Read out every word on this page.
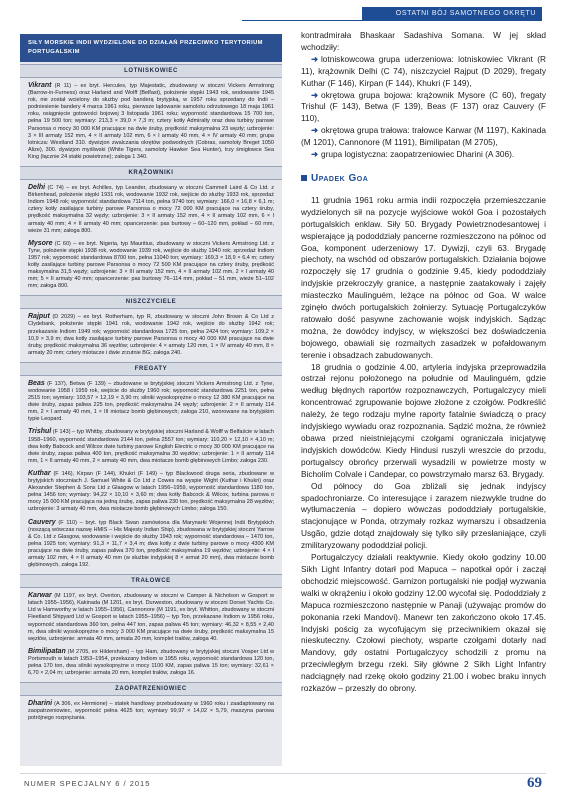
OSTATNI BÓJ SAMOTNEGO OKRĘTU
SIŁY MORSKIE INDII WYDZIELONE DO DZIAŁAŃ PRZECIWKO TERYTORIUM PORTUGALSKIM
LOTNISKOWIEC
Vikrant (R 11) – ex bryt. Hercules, typ Majestatic, zbudowany w stoczni Vickers Armstrong (Barrow-in-Furness) oraz Harland and Wolff (Belfast), położenie stępki 1943 rok, wodowanie 1945 rok, nie został wcielony do służby pod banderą brytyjską, w 1957 roku sprzedany do Indii – podniesienie bandery 4 marca 1961 roku, pierwsze lądowanie samolotu odrzutowego 18 maja 1961 roku, osiągnięcie gotowości bojowej 3 listopada 1961 roku; wyporność standardowa 15 700 ton, pełna 19 500 ton; wymiary: 213,3 × 39,0 × 7,3 m; cztery kotły Admiralty oraz dwa turbiny parowe Parsonsa o mocy 30 000 KM pracujące na dwie śruby, prędkość maksymalna 23 węzły; uzbrojenie: 3 × III armaty 152 mm, 4 × II armaty 102 mm, 6 × I armaty 40 mm, 4 × IV armaty 40 mm; grupa lotnicza: Westland 310. dywizjon zwalczania okrętów podwodnych (Cobras, samoloty Breget 1050 Alize), 300. dywizjon myśliwski (White Tigers, samoloty Hawker Sea Hunter), trzy śmigłowce Sea King (łącznie 24 statki powietrzne); załoga 1 340.
KRĄŻOWNIKI
Delhi (C 74) – ex bryt. Achilles, typ Leander, zbudowany w stoczni Cammell Laird & Co Ltd. z Birkenhead, położenie stępki 1931 rok, wodowanie 1932 rok, wejście do służby 1933 rok, sprzedaż Indiom 1948 rok; wyporność standardowa 7114 ton, pełna 9740 ton; wymiary: 166,0 × 16,8 × 6,1 m; cztery kotły zasilające turbiny parowe Parsonsa o mocy 72 000 KM pracujące na cztery śruby, prędkość maksymalna 32 węzły; uzbrojenie: 3 × II armaty 152 mm, 4 × II armaty 102 mm, 6 × I armaty 40 mm; 4 × II armaty 40 mm; opancerzenie: pas burtowy – 60–120 mm, pokład – 60 mm, wieże 31 mm; załoga 800.
Mysore (C 60) – ex bryt. Nigeria, typ Mauritius, zbudowany w stoczni Vickers Armstrong Ltd. z Tyne, położenie stępki 1938 rok, wodowanie 1939 rok, wejście do służby 1940 rok; sprzedaż Indiom 1957 rok; wyporność standardowa 8700 ton, pełna 11040 ton; wymiary: 169,3 × 18,9 × 6,4 m; cztery kotły zasilające turbiny parowe Parsonsa o mocy 72 500 KM pracujące na cztery śruby, prędkość maksymalna 31,5 węzły; uzbrojenie: 3 × III armaty 152 mm, 4 × II armaty 102 mm, 2 × I armaty 40 mm; 5 × II armaty 40 mm; opancerzenie: pas burtowy 76–114 mm, pokład – 51 mm, wieże 51–102 mm; załoga 800.
NISZCZYCIELE
Rajput (D 2029) – ex bryt. Rotherham, typ R, zbudowany w stoczni John Brown & Co Ltd z Clydebank, położenie stępki 1941 rok, wodowanie 1942 rok, wejście do służby 1942 rok; przekazanie Indiom 1949 rok; wyporność standardowa 1725 ton, pełna 2424 ton; wymiary: 109,2 × 10,9 × 3,9 m; dwa kotły zasilające turbiny parowe Parsonsa o mocy 40 000 KM pracujące na dwie śruby, prędkość maksymalna 36 węzłów; uzbrojenie: 4 × armaty 120 mm, 1 × IV armaty 40 mm, 8 × armaty 20 mm; cztery miotacze i dwie zrzutnie BG; załoga 240.
FREGATY
Beas (F 137), Betwa (F 139) – zbudowane w brytyjskiej stoczni Vickers Armstrong Ltd. z Tyne, wodowanie 1958 i 1959 rok, wejście do służby 1960 rok; wyporność standardowa 2251 ton, pełna 2515 ton; wymiary: 103,57 × 12,19 × 3,90 m; silniki wysokoprężne o mocy 12 380 KM pracujące na dwie śruby, zapas paliwa 225 ton, prędkość maksymalna 24 węzły; uzbrojenie: 2 × II armaty 114 mm, 2 × I armaty 40 mm, 1 × III miotacz bomb głębinowych; załoga 210, wzorowane na brytyjskim typie Leopard.
Trishul (F 143) – typ Whitby, zbudowany w brytyjskiej stoczni Harland & Wolff w Belfaście w latach 1958–1960, wyporność standardowa 2144 ton, pełna 2557 ton; wymiary: 110,20 × 12,10 × 4,10 m; dwa kotły Babcock and Wilcox dwie turbiny parowe English Electric o mocy 30 000 KM pracujące na dwie śruby, zapas paliwa 400 ton, prędkość maksymalna 30 węzłów; uzbrojenie: 1 × II armaty 114 mm, 1 × II armaty 40 mm, 2 × armaty 40 mm, dwa miotacze bomb głębinowych Limbo; załoga 230.
Kuthar (F 146), Kirpan (F 144), Khukri (F 149) – typ Blackwood druga seria, zbudowane w brytyjskich stoczniach J. Samuel White & Co Ltd z Cowes na wyspie Wight (Kuthar i Khukri) oraz Alexander Stephen & Sons Ltd z Glasgow w latach 1956–1959, wyporność standardowa 1180 ton, pełna 1456 ton; wymiary: 94,22 × 10,10 × 3,60 m; dwa kotły Babcock & Wilcox, turbina parowa o mocy 15 000 KM pracująca na jedną śrubę, zapas paliwa 230 ton, prędkość maksymalna 28 węzłów; uzbrojenie: 3 armaty 40 mm, dwa miotacze bomb głębinowych Limbo; załoga 150.
Cauvery (F 110) – bryt. typ Black Swan zamówiona dla Marynarki Wojennej Indii Brytyjskich (noszącą wówczas nazwę HMIS – His Majesty Indian Ship), zbudowana w brytyjskiej stoczni Yarrow & Co. Ltd z Glasgow, wodowanie i wejście do służby 1943 rok; wyporność standardowa – 1470 ton, pełna 1925 ton; wymiary: 91,3 × 11,7 × 3,4 m; dwa kotły z dwie turbiny parowe o mocy 4300 KM pracujące na dwie śruby, zapas paliwa 370 ton, prędkość maksymalna 19 węzłów; uzbrojenie: 4 × I armaty 102 mm, 4 × II armaty 40 mm (w służbie indyjskiej 8 × armat 20 mm), dwa miotacze bomb głębinowych, załoga 192.
TRAŁOWCE
Karwar (M 1197, ex bryt. Overton, zbudowany w stoczni w Camper & Nicholson w Gosport w latach 1955–1956), Kakinada (M 1201, ex bryt. Durweston, zbudowany w stoczni Dorset Yachts Co. Ltd w Hamworthy w latach 1955–1956), Cannonore (M 1191, ex bryt. Whitton, zbudowany w stoczni Fleetland Shipyard Ltd w Gosport w latach 1955–1956) – typ Ton, przekazane Indiom w 1956 roku, wyporność standardowa 360 ton, pełna 447 ton, zapas paliwa 45 ton; wymiary: 46,32 × 8,55 × 2,40 m, dwa silniki wysokoprężne o mocy 3 000 KM pracujące na dwie śruby, prędkość maksymalna 15 węzłów, uzbrojenie: armata 40 mm, armata 20 mm, komplet trałów, załoga 40.
Bimilipatan (M 2705, ex Hildersham) – typ Ham, zbudowany w brytyjskiej stoczni Vosper Ltd w Portsmouth w latach 1953–1954, przekazany Indiom w 1955 roku, wyporność standardowa 120 ton, pełna 170 ton, dwa silniki wysokoprężne o mocy 1100 KM, zapas paliwa 15 ton; wymiary: 32,61 × 6,70 × 2,04 m; uzbrojenie: armata 20 mm, komplet trałów, załoga 16.
ZAOPATRZENIOWIEC
Dharini (A 306, ex Hermione) – statek handlowy przebudowany w 1960 roku i zaadaptowany na zaopatrzeniowiec, wyporność pełna 4625 ton; wymiary 99,97 × 14,02 × 5,79, maszyna parowa potrójnego rozprężania.

kontradmirała Bhaskaar Sadashiva Somana. W jej skład wchodziły:

➜ lotniskowcowa grupa uderzeniowa: lotniskowiec Vikrant (R 11), krążownik Delhi (C 74), niszczyciel Rajput (D 2029), fregaty Kuthar (F 146), Kirpan (F 144), Khukri (F 149),

➜ okrętowa grupa bojowa: krążownik Mysore (C 60), fregaty Trishul (F 143), Betwa (F 139), Beas (F 137) oraz Cauvery (F 110),

➜ okrętowa grupa trałowa: trałowce Karwar (M 1197), Kakinada (M 1201), Cannonore (M 1191), Bimilipatan (M 2705),

➜ grupa logistyczna: zaopatrzeniowiec Dharini (A 306).

Upadek Goa

11 grudnia 1961 roku armia indii rozpoczęła przemieszczanie wydzielonych sił na pozycje wyjściowe wokół Goa i pozostałych portugalskich enklaw. Siły 50. Brygady Powietrznodesantowej i wspierające ją pododdziały pancerne rozmieszczono na północ od Goa, komponent uderzeniowy 17. Dywizji, czyli 63. Brygadę piechoty, na wschód od obszarów portugalskich. Działania bojowe rozpoczęły się 17 grudnia o godzinie 9.45, kiedy pododdziały indyjskie przekroczyły granice, a następnie zaatakowały i zajęły miasteczko Maulinguém, leżące na północ od Goa. W walce zginęło dwóch portugalskich żołnierzy. Sytuację Portugalczyków ratowało dość pasywne zachowanie wojsk indyjskich. Sądząc można, że dowódcy indyjscy, w większości bez doświadczenia bojowego, obawiali się rozmaitych zasadzek w pofałdowanym terenie i obsadzach zabudowanych.

18 grudnia o godzinie 4.00, artyleria indyjska przeprowadziła ostrzał rejonu położonego na południe od Maulinguém, gdzie według błędnych raportów rozpoznawczych, Portugalczycy mieli koncentrować zgrupowanie bojowe złożone z czołgów. Podkreślić należy, że tego rodzaju mylne raporty fatalnie świadczą o pracy indyjskiego wywiadu oraz rozpoznania. Sądzić można, że również obawa przed nieistniejącymi czołgami ograniczała inicjatywę indyjskich dowódców. Kiedy Hindusi ruszyli wreszcie do przodu, portugalscy obrońcy przerwali wysadzili w powietrze mosty w Bicholim Colvale i Candepar, co powstrzymało marsz 63. Brygady.

Od północy do Goa zbliżali się jednak indyjscy spadochroniarze. Co interesujące i zarazem niezwykle trudne do wytłumaczenia – dopiero wówczas pododdziały portugalskie, stacjonujące w Ponda, otrzymały rozkaz wymarszu i obsadzenia Usgão, gdzie dotąd znajdowały się tylko siły przesłaniające, czyli zmilitaryzowany pododdział policji.

Portugalczycy działali reaktywnie. Kiedy około godziny 10.00 Sikh Light Infantry dotarł pod Mapuca – napotkał opór i zaczął obchodzić miejscowość. Garnizon portugalski nie podjął wyzwania walki w okrążeniu i około godziny 12.00 wycofał się. Pododdziały z Mapuca rozmieszczono następnie w Panaji (używając promów do pokonania rzeki Mandovi). Manewr ten zakończono około 17.45. Indyjski pościg za wycofującym się przeciwnikiem okazał się nieskuteczny. Czołowi piechoty, wsparte czołgami dotarły nad Mandovy, gdy ostatni Portugalczycy schodzili z promu na przeciwległym brzegu rzeki. Siły główne 2 Sikh Light Infantry nadciągnęły nad rzekę około godziny 21.00 i wobec braku innych rozkazów – przeszły do obrony.

NUMER SPECJALNY 6 / 2015	69
